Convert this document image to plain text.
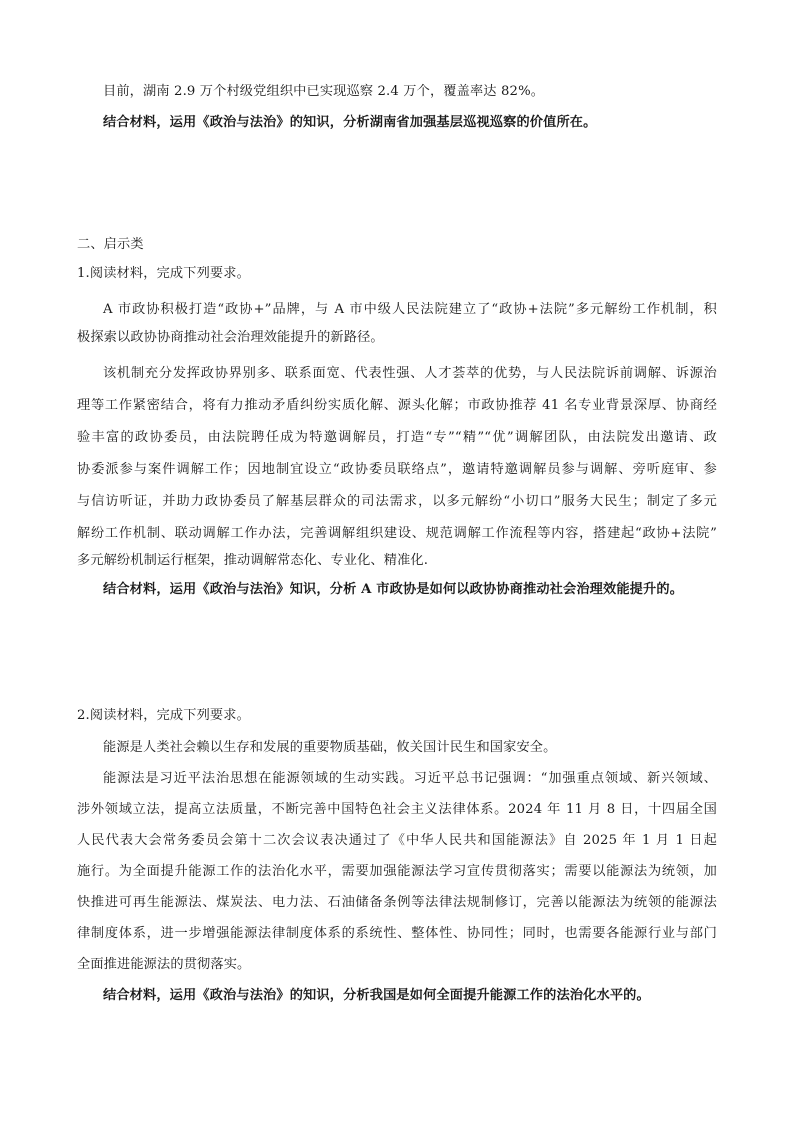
目前，湖南 2.9 万个村级党组织中已实现巡察 2.4 万个，覆盖率达 82%。
结合材料，运用《政治与法治》的知识，分析湖南省加强基层巡视巡察的价值所在。
二、启示类
1.阅读材料，完成下列要求。
A 市政协积极打造“政协+”品牌，与 A 市中级人民法院建立了“政协+法院”多元解纷工作机制，积
极探索以政协协商推动社会治理效能提升的新路径。
该机制充分发挥政协界别多、联系面宽、代表性强、人才荟萃的优势，与人民法院诉前调解、诉源治
理等工作紧密结合，将有力推动矛盾纠纷实质化解、源头化解；市政协推荐 41 名专业背景深厚、协商经
验丰富的政协委员，由法院聘任成为特邀调解员，打造“专”“精”“优”调解团队，由法院发出邀请、政
协委派参与案件调解工作；因地制宜设立“政协委员联络点”，邀请特邀调解员参与调解、旁听庭审、参
与信访听证，并助力政协委员了解基层群众的司法需求，以多元解纷“小切口”服务大民生；制定了多元
解纷工作机制、联动调解工作办法，完善调解组织建设、规范调解工作流程等内容，搭建起“政协+法院”
多元解纷机制运行框架，推动调解常态化、专业化、精准化.
结合材料，运用《政治与法治》知识，分析 A 市政协是如何以政协协商推动社会治理效能提升的。
2.阅读材料，完成下列要求。
能源是人类社会赖以生存和发展的重要物质基础，攸关国计民生和国家安全。
能源法是习近平法治思想在能源领域的生动实践。习近平总书记强调：“加强重点领域、新兴领域、
涉外领域立法，提高立法质量，不断完善中国特色社会主义法律体系。2024 年 11 月 8 日，十四届全国
人民代表大会常务委员会第十二次会议表决通过了《中华人民共和国能源法》自 2025 年 1 月 1 日起
施行。为全面提升能源工作的法治化水平，需要加强能源法学习宣传贯彻落实；需要以能源法为统领，加
快推进可再生能源法、煤炭法、电力法、石油储备条例等法律法规制修订，完善以能源法为统领的能源法
律制度体系，进一步增强能源法律制度体系的系统性、整体性、协同性；同时，也需要各能源行业与部门
全面推进能源法的贯彻落实。
结合材料，运用《政治与法治》的知识，分析我国是如何全面提升能源工作的法治化水平的。
